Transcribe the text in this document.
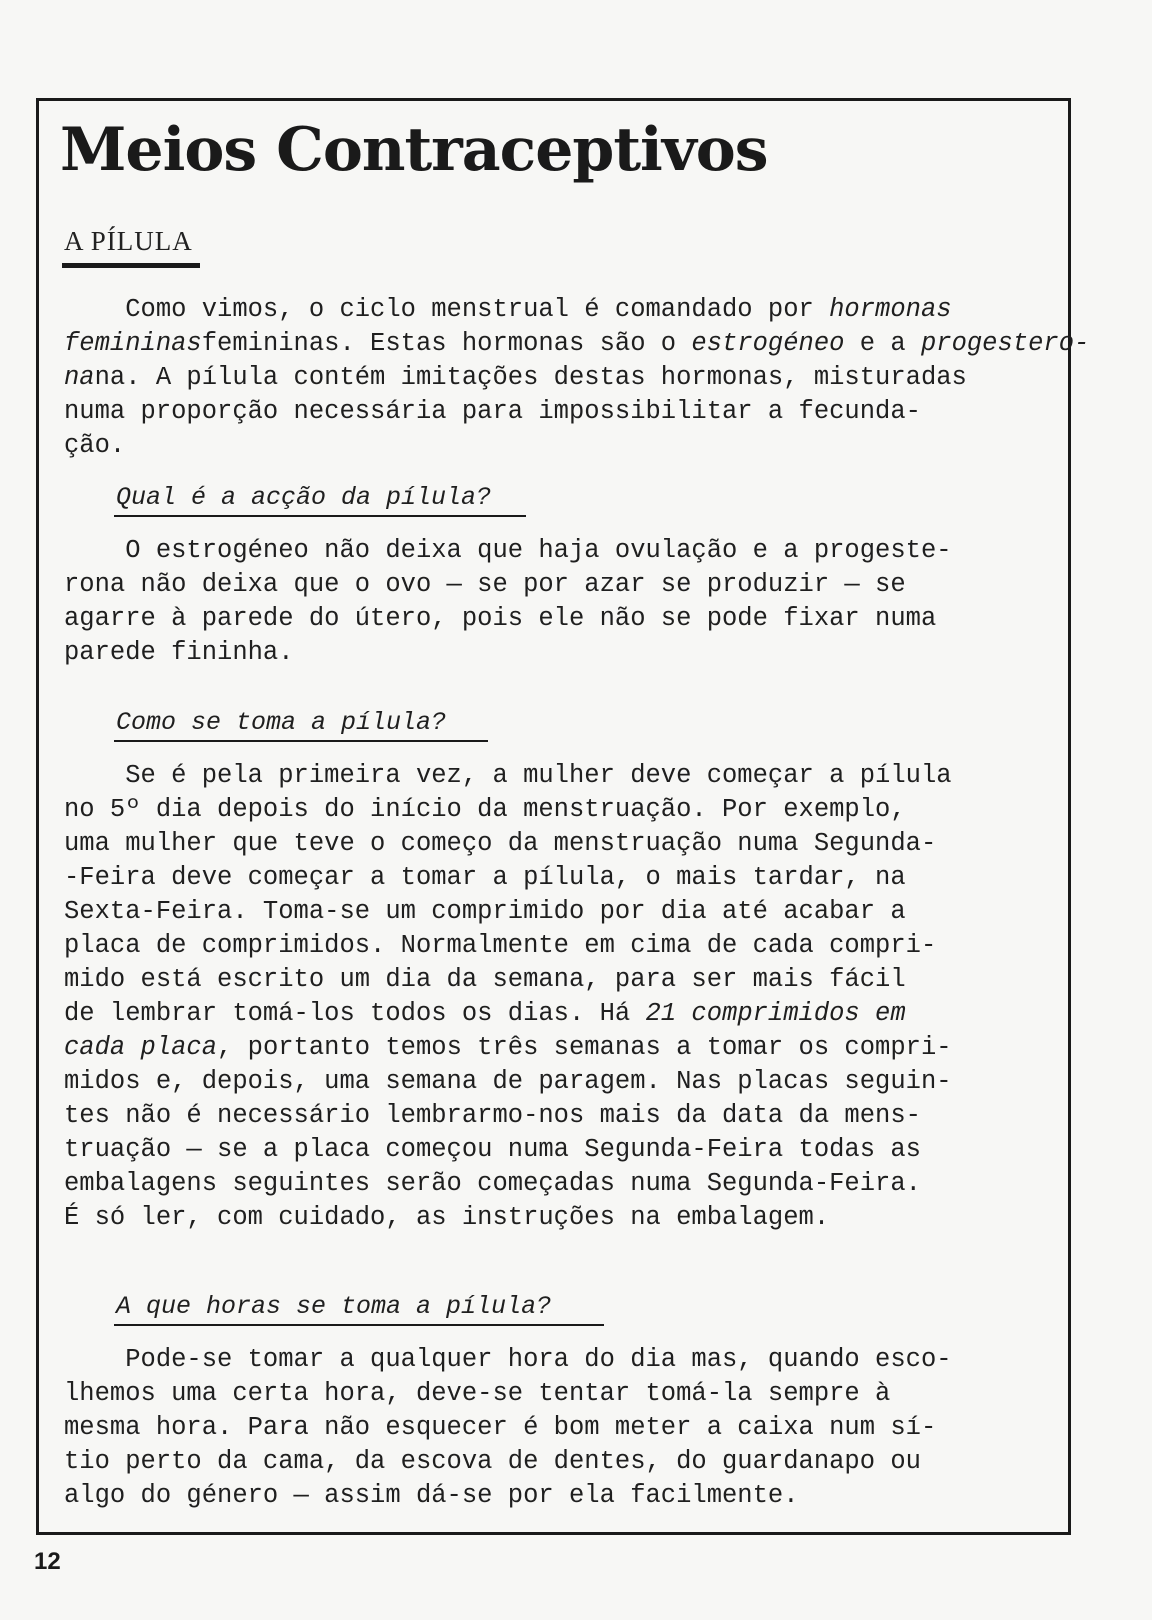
Meios Contraceptivos

A PÍLULA

Como vimos, o ciclo menstrual é comandado por hormonas

femininasfemininas. Estas hormonas são o estrogéneo e a progestero-

nana. A pílula contém imitações destas hormonas, misturadas

numa proporção necessária para impossibilitar a fecunda-

ção.

Qual é a acção da pílula?

O estrogéneo não deixa que haja ovulação e a progeste-

rona não deixa que o ovo — se por azar se produzir — se

agarre à parede do útero, pois ele não se pode fixar numa

parede fininha.

Como se toma a pílula?

Se é pela primeira vez, a mulher deve começar a pílula

no 5º dia depois do início da menstruação. Por exemplo,

uma mulher que teve o começo da menstruação numa Segunda-

-Feira deve começar a tomar a pílula, o mais tardar, na

Sexta-Feira. Toma-se um comprimido por dia até acabar a

placa de comprimidos. Normalmente em cima de cada compri-

mido está escrito um dia da semana, para ser mais fácil

de lembrar tomá-los todos os dias. Há 21 comprimidos em

cada placa, portanto temos três semanas a tomar os compri-

midos e, depois, uma semana de paragem. Nas placas seguin-

tes não é necessário lembrarmo-nos mais da data da mens-

truação — se a placa começou numa Segunda-Feira todas as

embalagens seguintes serão começadas numa Segunda-Feira.

É só ler, com cuidado, as instruções na embalagem.

A que horas se toma a pílula?

Pode-se tomar a qualquer hora do dia mas, quando esco-

lhemos uma certa hora, deve-se tentar tomá-la sempre à

mesma hora. Para não esquecer é bom meter a caixa num sí-

tio perto da cama, da escova de dentes, do guardanapo ou

algo do género — assim dá-se por ela facilmente.

12
